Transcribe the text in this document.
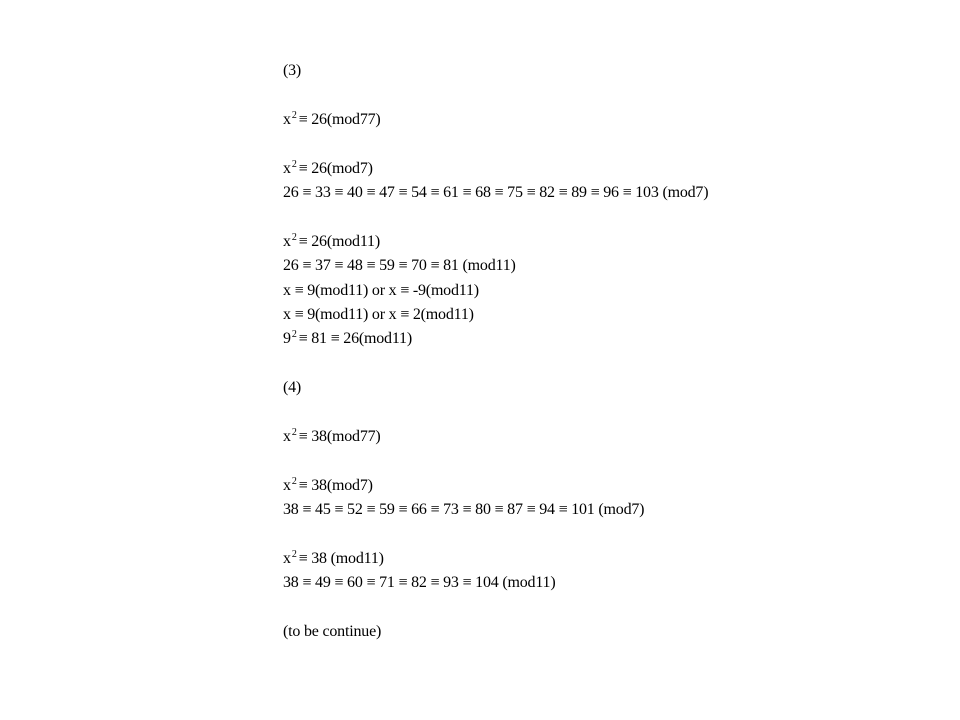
(3)
$x^2 \equiv 26(mod77)$
$x^2 \equiv 26(mod7)$
26 ≡ 33 ≡ 40 ≡ 47 ≡ 54 ≡ 61 ≡ 68 ≡ 75 ≡ 82 ≡ 89 ≡ 96 ≡ 103 (mod7)
$x^2 \equiv 26(mod11)$
26 ≡ 37 ≡ 48 ≡ 59 ≡ 70 ≡ 81 (mod11)
x ≡ 9(mod11) or x ≡ -9(mod11)
x ≡ 9(mod11) or x ≡ 2(mod11)
$9^2 \equiv 81 \equiv 26(mod11)$
(4)
$x^2 \equiv 38(mod77)$
$x^2 \equiv 38(mod7)$
38 ≡ 45 ≡ 52 ≡ 59 ≡ 66 ≡ 73 ≡ 80 ≡ 87 ≡ 94 ≡ 101 (mod7)
$x^2 \equiv 38$ (mod11)
38 ≡ 49 ≡ 60 ≡ 71 ≡ 82 ≡ 93 ≡ 104 (mod11)
(to be continue)
